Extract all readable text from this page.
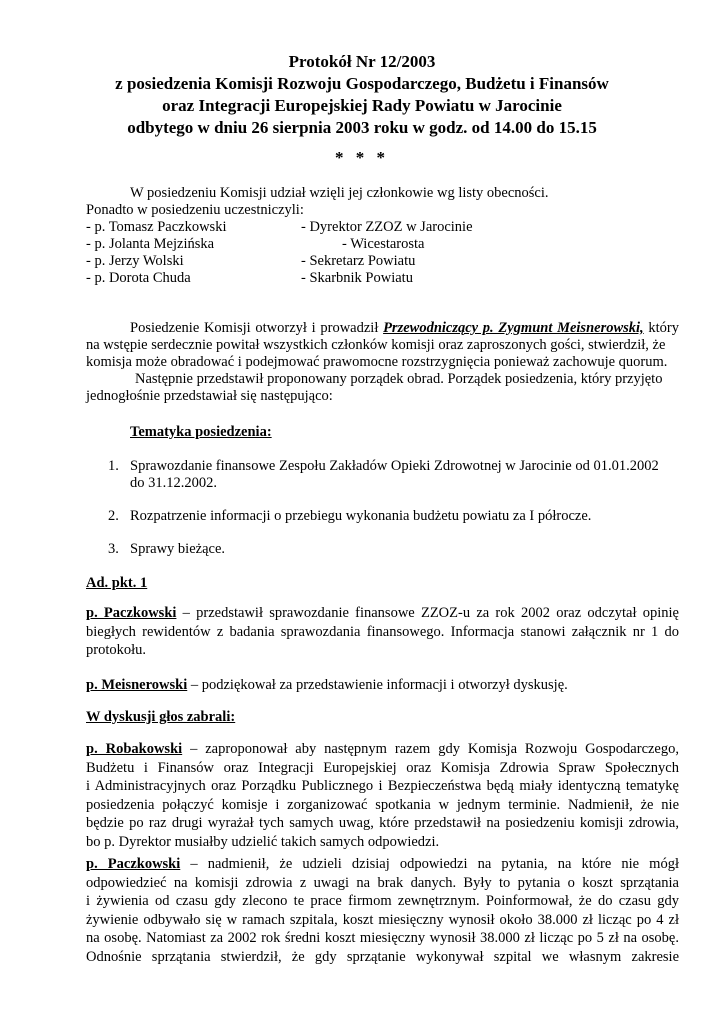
Protokół Nr 12/2003
z posiedzenia Komisji Rozwoju Gospodarczego, Budżetu i Finansów
oraz Integracji Europejskiej Rady Powiatu w Jarocinie
odbytego w dniu 26 sierpnia 2003 roku w godz. od 14.00 do 15.15
* * *
W posiedzeniu Komisji udział wzięli jej członkowie wg listy obecności.
Ponadto w posiedzeniu uczestniczyli:
- p. Tomasz Paczkowski	- Dyrektor ZZOZ w Jarocinie
- p. Jolanta Mejzińska	- Wicestarosta
- p. Jerzy Wolski	- Sekretarz Powiatu
- p. Dorota Chuda	- Skarbnik Powiatu
Posiedzenie Komisji otworzył i prowadził Przewodniczący p. Zygmunt Meisnerowski, który
na wstępie serdecznie powitał wszystkich członków komisji oraz zaproszonych gości, stwierdził, że
komisja może obradować i podejmować prawomocne rozstrzygnięcia ponieważ zachowuje quorum.
Następnie przedstawił proponowany porządek obrad. Porządek posiedzenia, który przyjęto
jednogłośnie przedstawiał się następująco:
Tematyka posiedzenia:
1. Sprawozdanie finansowe Zespołu Zakładów Opieki Zdrowotnej w Jarocinie od 01.01.2002
do 31.12.2002.
2. Rozpatrzenie informacji o przebiegu wykonania budżetu powiatu za I półrocze.
3. Sprawy bieżące.
Ad. pkt. 1
p. Paczkowski – przedstawił sprawozdanie finansowe ZZOZ-u za rok 2002 oraz odczytał opinię
biegłych rewidentów z badania sprawozdania finansowego. Informacja stanowi załącznik nr 1 do
protokołu.
p. Meisnerowski – podziękował za przedstawienie informacji i otworzył dyskusję.
W dyskusji głos zabrali:
p. Robakowski – zaproponował aby następnym razem gdy Komisja Rozwoju Gospodarczego,
Budżetu i Finansów oraz Integracji Europejskiej oraz Komisja Zdrowia Spraw Społecznych
i Administracyjnych oraz Porządku Publicznego i Bezpieczeństwa będą miały identyczną tematykę
posiedzenia połączyć komisje i zorganizować spotkania w jednym terminie. Nadmienił, że nie
będzie po raz drugi wyrażał tych samych uwag, które przedstawił na posiedzeniu komisji zdrowia,
bo p. Dyrektor musiałby udzielić takich samych odpowiedzi.
p. Paczkowski – nadmienił, że udzieli dzisiaj odpowiedzi na pytania, na które nie mógł
odpowiedzieć na komisji zdrowia z uwagi na brak danych. Były to pytania o koszt sprzątania
i żywienia od czasu gdy zlecono te prace firmom zewnętrznym. Poinformował, że do czasu gdy
żywienie odbywało się w ramach szpitala, koszt miesięczny wynosił około 38.000 zł licząc po 4 zł
na osobę. Natomiast za 2002 rok średni koszt miesięczny wynosił 38.000 zł licząc po 5 zł na osobę.
Odnośnie sprzątania stwierdził, że gdy sprzątanie wykonywał szpital we własnym zakresie
